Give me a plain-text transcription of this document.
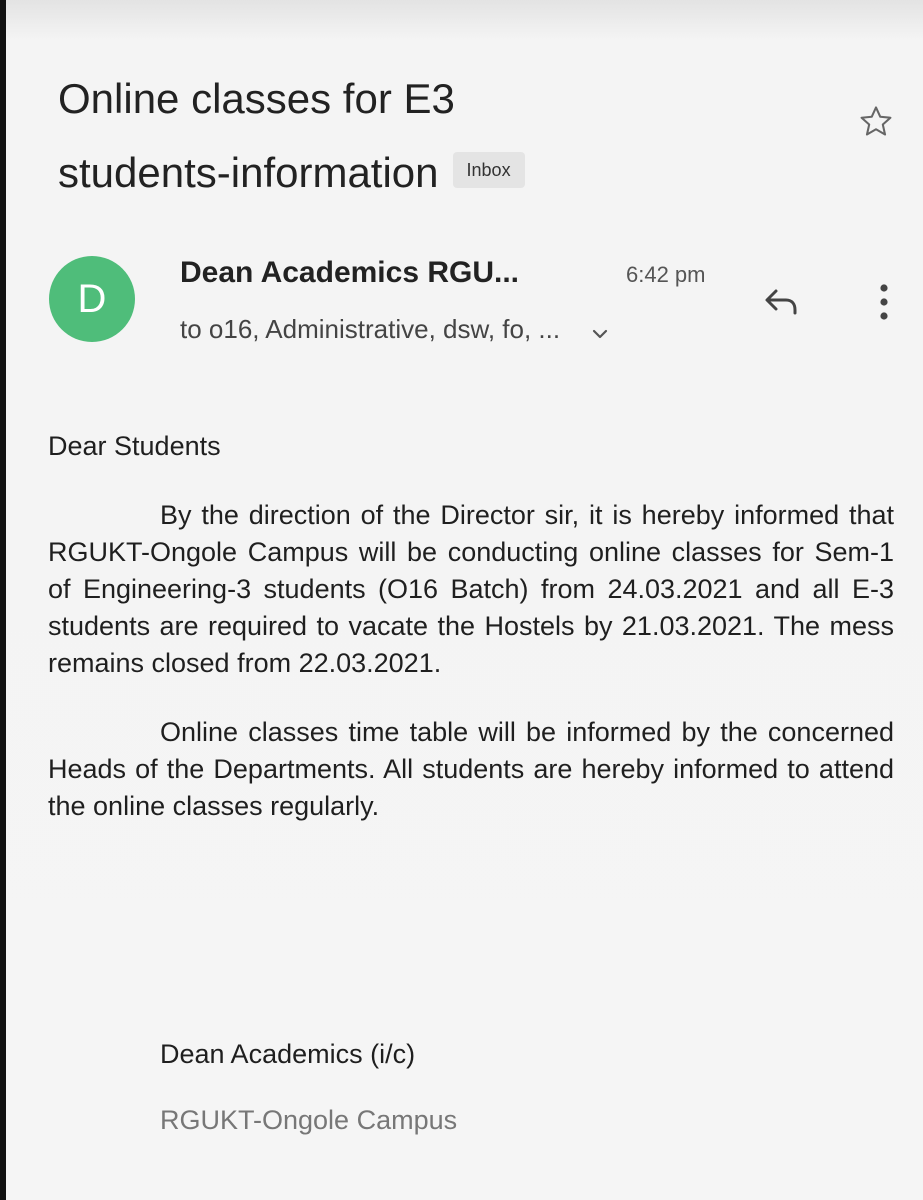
Online classes for E3
students-information Inbox
D
Dean Academics RGU...	6:42 pm
to o16, Administrative, dsw, fo, ...

Dear Students

By the direction of the Director sir, it is hereby informed that RGUKT-Ongole Campus will be conducting online classes for Sem-1 of Engineering-3 students (O16 Batch) from 24.03.2021 and all E-3 students are required to vacate the Hostels by 21.03.2021. The mess remains closed from 22.03.2021.

Online classes time table will be informed by the concerned Heads of the Departments. All students are hereby informed to attend the online classes regularly.

Dean Academics (i/c)
RGUKT-Ongole Campus
